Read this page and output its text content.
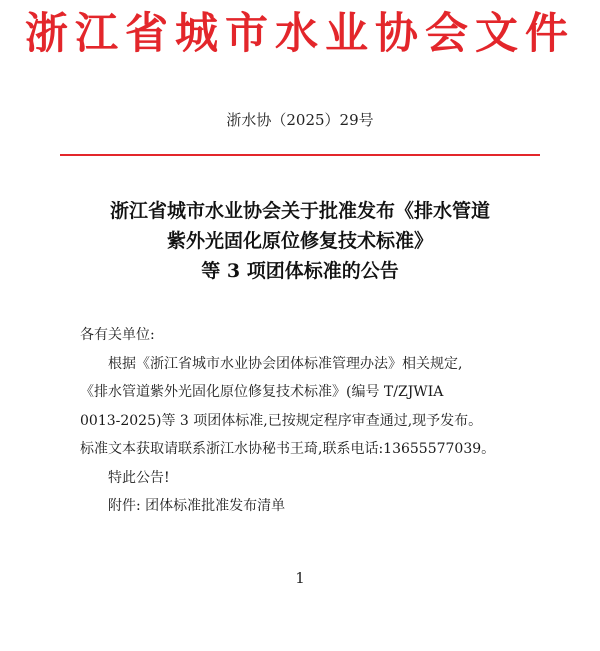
浙江省城市水业协会文件
浙水协（2025）29号
浙江省城市水业协会关于批准发布《排水管道
紫外光固化原位修复技术标准》
等 3 项团体标准的公告

各有关单位:

根据《浙江省城市水业协会团体标准管理办法》相关规定,

《排水管道紫外光固化原位修复技术标准》(编号 T/ZJWIA

0013-2025)等 3 项团体标准,已按规定程序审查通过,现予发布。

标准文本获取请联系浙江水协秘书王琦,联系电话:13655577039。

特此公告!

附件: 团体标准批准发布清单

1
